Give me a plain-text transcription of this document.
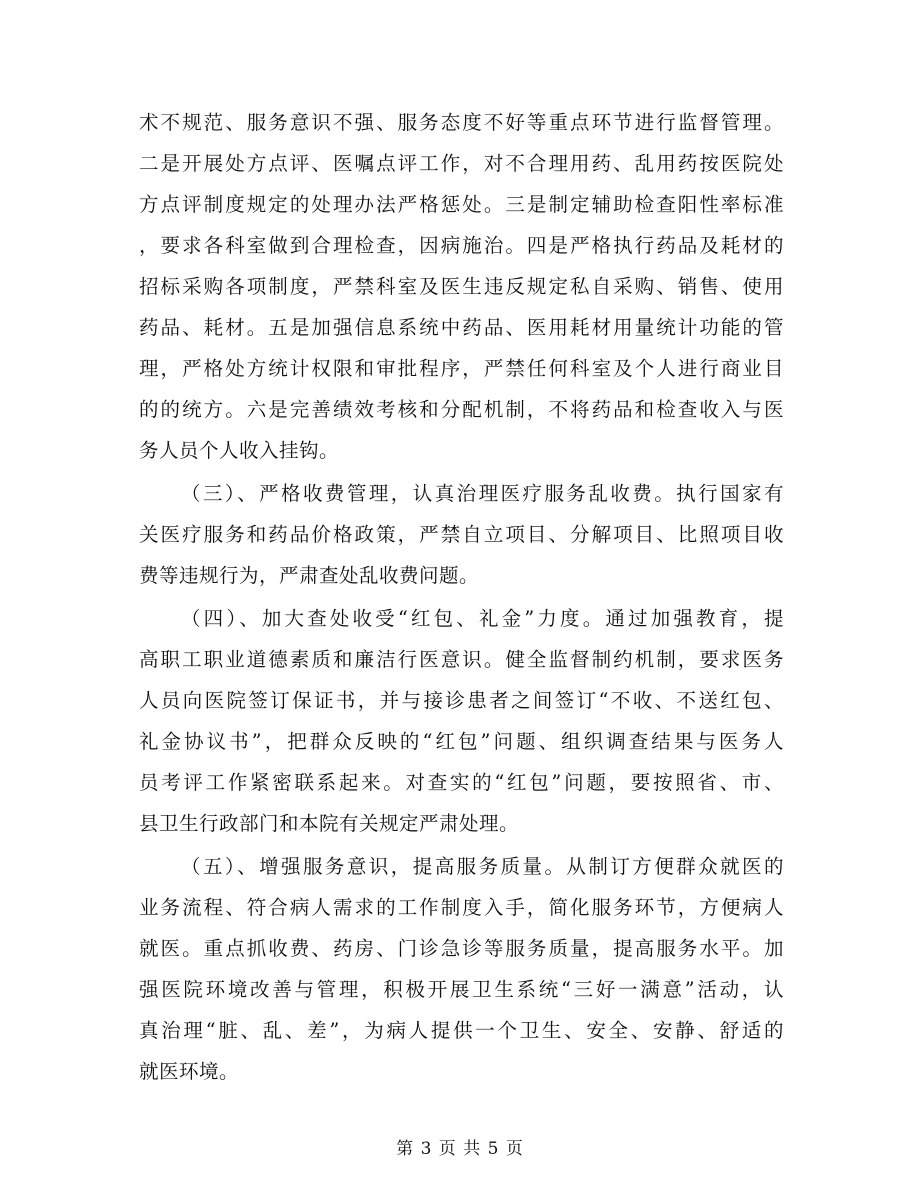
术不规范、服务意识不强、服务态度不好等重点环节进行监督管理。
二是开展处方点评、医嘱点评工作，对不合理用药、乱用药按医院处
方点评制度规定的处理办法严格惩处。三是制定辅助检查阳性率标准
，要求各科室做到合理检查，因病施治。四是严格执行药品及耗材的
招标采购各项制度，严禁科室及医生违反规定私自采购、销售、使用
药品、耗材。五是加强信息系统中药品、医用耗材用量统计功能的管
理，严格处方统计权限和审批程序，严禁任何科室及个人进行商业目
的的统方。六是完善绩效考核和分配机制，不将药品和检查收入与医
务人员个人收入挂钩。
（三）、严格收费管理，认真治理医疗服务乱收费。执行国家有
关医疗服务和药品价格政策，严禁自立项目、分解项目、比照项目收
费等违规行为，严肃查处乱收费问题。
（四）、加大查处收受“红包、礼金”力度。通过加强教育，提
高职工职业道德素质和廉洁行医意识。健全监督制约机制，要求医务
人员向医院签订保证书，并与接诊患者之间签订“不收、不送红包、
礼金协议书”，把群众反映的“红包”问题、组织调查结果与医务人
员考评工作紧密联系起来。对查实的“红包”问题，要按照省、市、
县卫生行政部门和本院有关规定严肃处理。
（五）、增强服务意识，提高服务质量。从制订方便群众就医的
业务流程、符合病人需求的工作制度入手，简化服务环节，方便病人
就医。重点抓收费、药房、门诊急诊等服务质量，提高服务水平。加
强医院环境改善与管理，积极开展卫生系统“三好一满意”活动，认
真治理“脏、乱、差”，为病人提供一个卫生、安全、安静、舒适的
就医环境。
第 3 页 共 5 页
